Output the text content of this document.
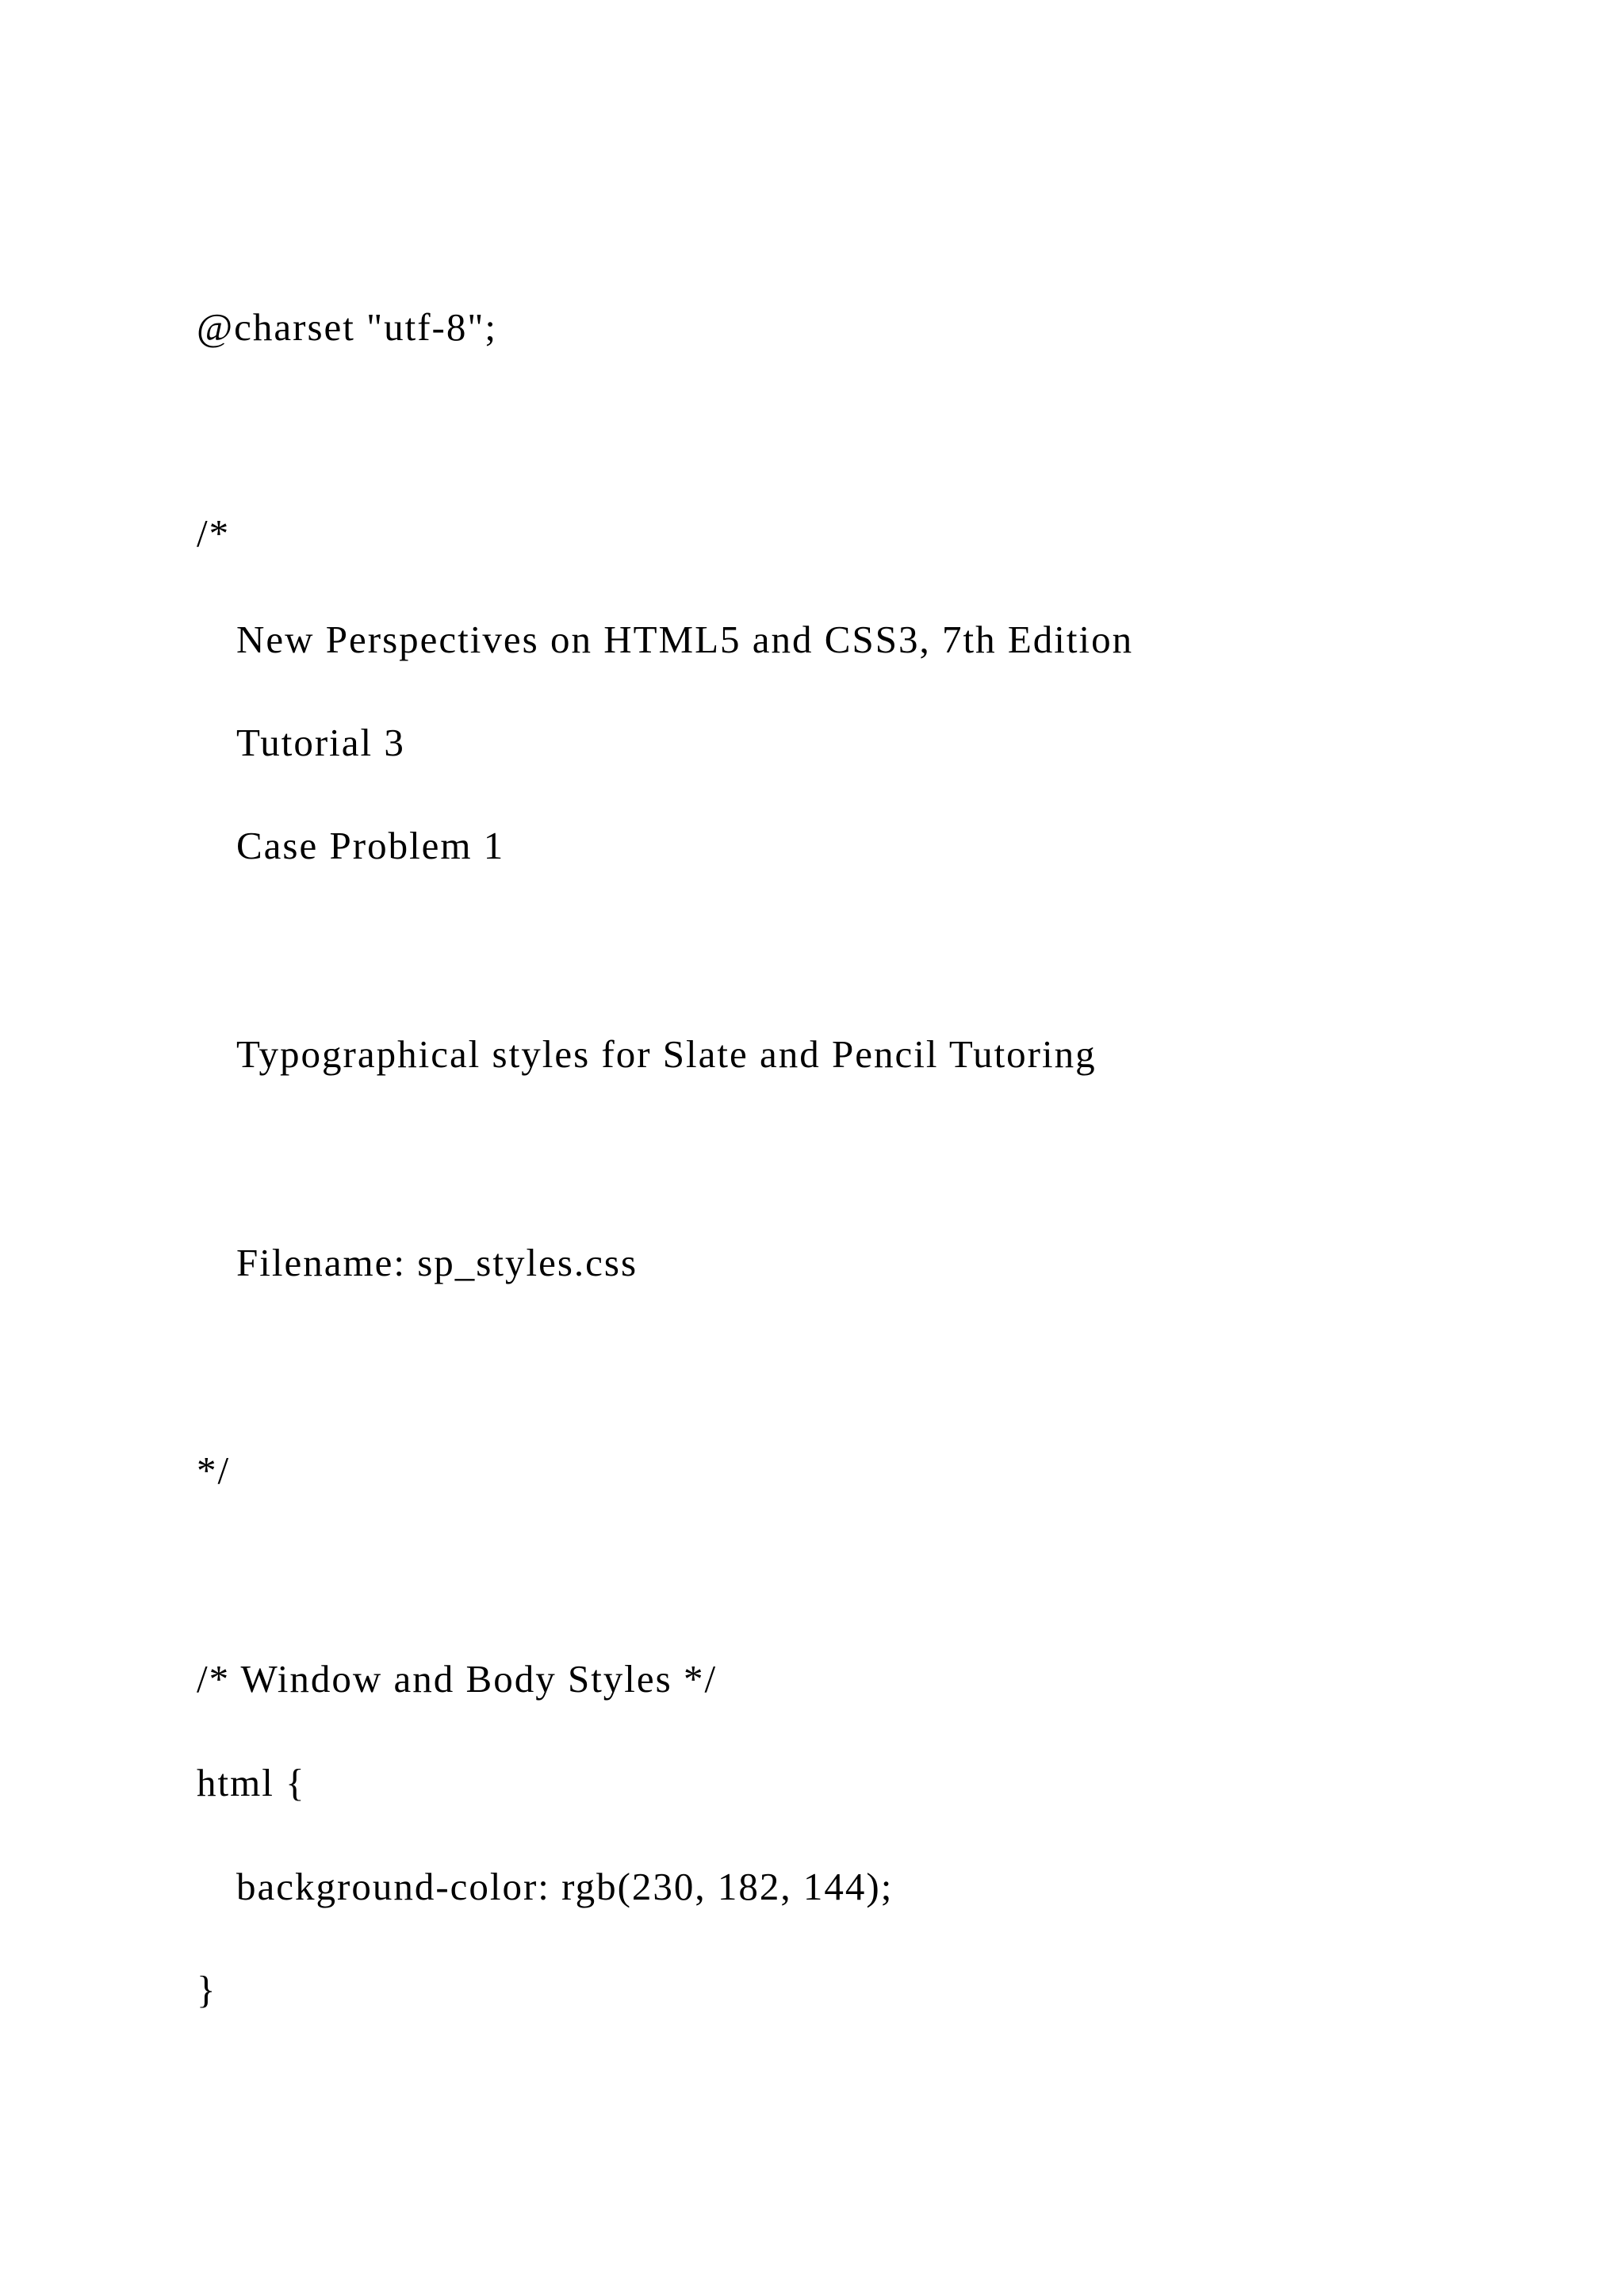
@charset "utf-8";

/*

New Perspectives on HTML5 and CSS3, 7th Edition

Tutorial 3

Case Problem 1

Typographical styles for Slate and Pencil Tutoring

Filename: sp_styles.css

*/

/* Window and Body Styles */

html {

background-color: rgb(230, 182, 144);

}
